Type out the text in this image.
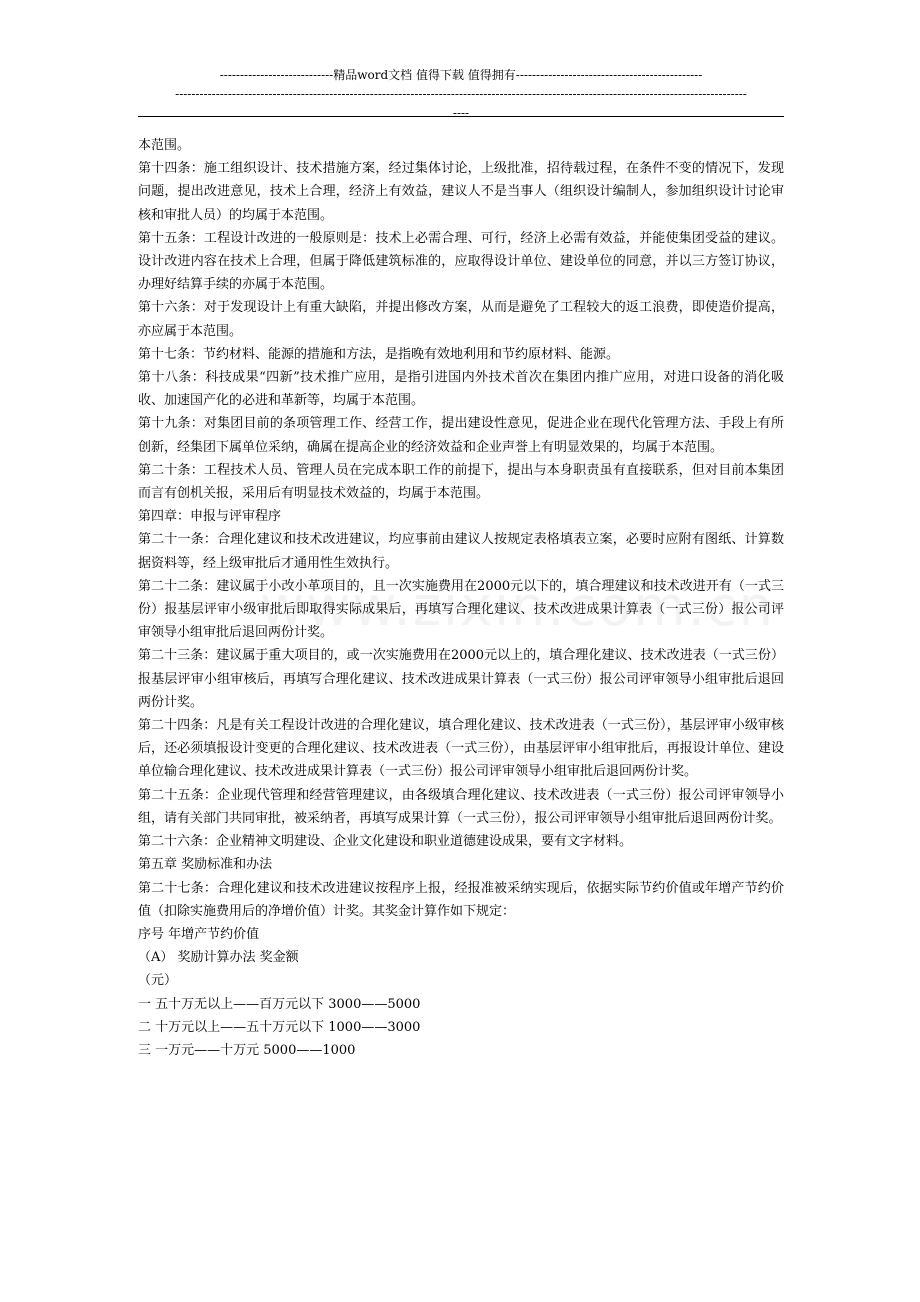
----------------------------精品word文档 值得下载 值得拥有----------------------------------------------
---------------------------------------------------------------------------------------------------------------------------------------------
----

本范围。

第十四条：施工组织设计、技术措施方案，经过集体讨论，上级批准，招待载过程，在条件不变的情况下，发现问题，提出改进意见，技术上合理，经济上有效益，建议人不是当事人（组织设计编制人，参加组织设计讨论审核和审批人员）的均属于本范围。

第十五条：工程设计改进的一般原则是：技术上必需合理、可行，经济上必需有效益，并能使集团受益的建议。设计改进内容在技术上合理，但属于降低建筑标准的，应取得设计单位、建设单位的同意，并以三方签订协议，办理好结算手续的亦属于本范围。

第十六条：对于发现设计上有重大缺陷，并提出修改方案，从而是避免了工程较大的返工浪费，即使造价提高，亦应属于本范围。

第十七条：节约材料、能源的措施和方法，是指晚有效地利用和节约原材料、能源。

第十八条：科技成果“四新”技术推广应用，是指引进国内外技术首次在集团内推广应用，对进口设备的消化吸收、加速国产化的必进和革新等，均属于本范围。

第十九条：对集团目前的条项管理工作、经营工作，提出建设性意见，促进企业在现代化管理方法、手段上有所创新，经集团下属单位采纳，确属在提高企业的经济效益和企业声誉上有明显效果的，均属于本范围。

第二十条：工程技术人员、管理人员在完成本职工作的前提下，提出与本身职责虽有直接联系，但对目前本集团而言有创机关报，采用后有明显技术效益的，均属于本范围。

第四章：申报与评审程序

第二十一条：合理化建议和技术改进建议，均应事前由建议人按规定表格填表立案，必要时应附有图纸、计算数据资料等，经上级审批后才通用性生效执行。

第二十二条：建议属于小改小革项目的，且一次实施费用在2000元以下的，填合理建议和技术改进开有（一式三份）报基层评审小级审批后即取得实际成果后，再填写合理化建议、技术改进成果计算表（一式三份）报公司评审领导小组审批后退回两份计奖。

第二十三条：建议属于重大项目的，或一次实施费用在2000元以上的，填合理化建议、技术改进表（一式三份）报基层评审小组审核后，再填写合理化建议、技术改进成果计算表（一式三份）报公司评审领导小组审批后退回两份计奖。

第二十四条：凡是有关工程设计改进的合理化建议，填合理化建议、技术改进表（一式三份），基层评审小级审核后，还必须填报设计变更的合理化建议、技术改进表（一式三份），由基层评审小组审批后，再报设计单位、建设单位输合理化建议、技术改进成果计算表（一式三份）报公司评审领导小组审批后退回两份计奖。

第二十五条：企业现代管理和经营管理建议，由各级填合理化建议、技术改进表（一式三份）报公司评审领导小组，请有关部门共同审批，被采纳者，再填写成果计算（一式三份），报公司评审领导小组审批后退回两份计奖。

第二十六条：企业精神文明建设、企业文化建设和职业道德建设成果，要有文字材料。

第五章 奖励标准和办法

第二十七条：合理化建议和技术改进建议按程序上报，经报准被采纳实现后，依据实际节约价值或年增产节约价值（扣除实施费用后的净增价值）计奖。其奖金计算作如下规定：

序号 年增产节约价值

（A） 奖励计算办法 奖金额

（元）

一 五十万无以上——百万元以下 3000——5000

二 十万元以上——五十万元以下 1000——3000

三 一万元——十万元 5000——1000
